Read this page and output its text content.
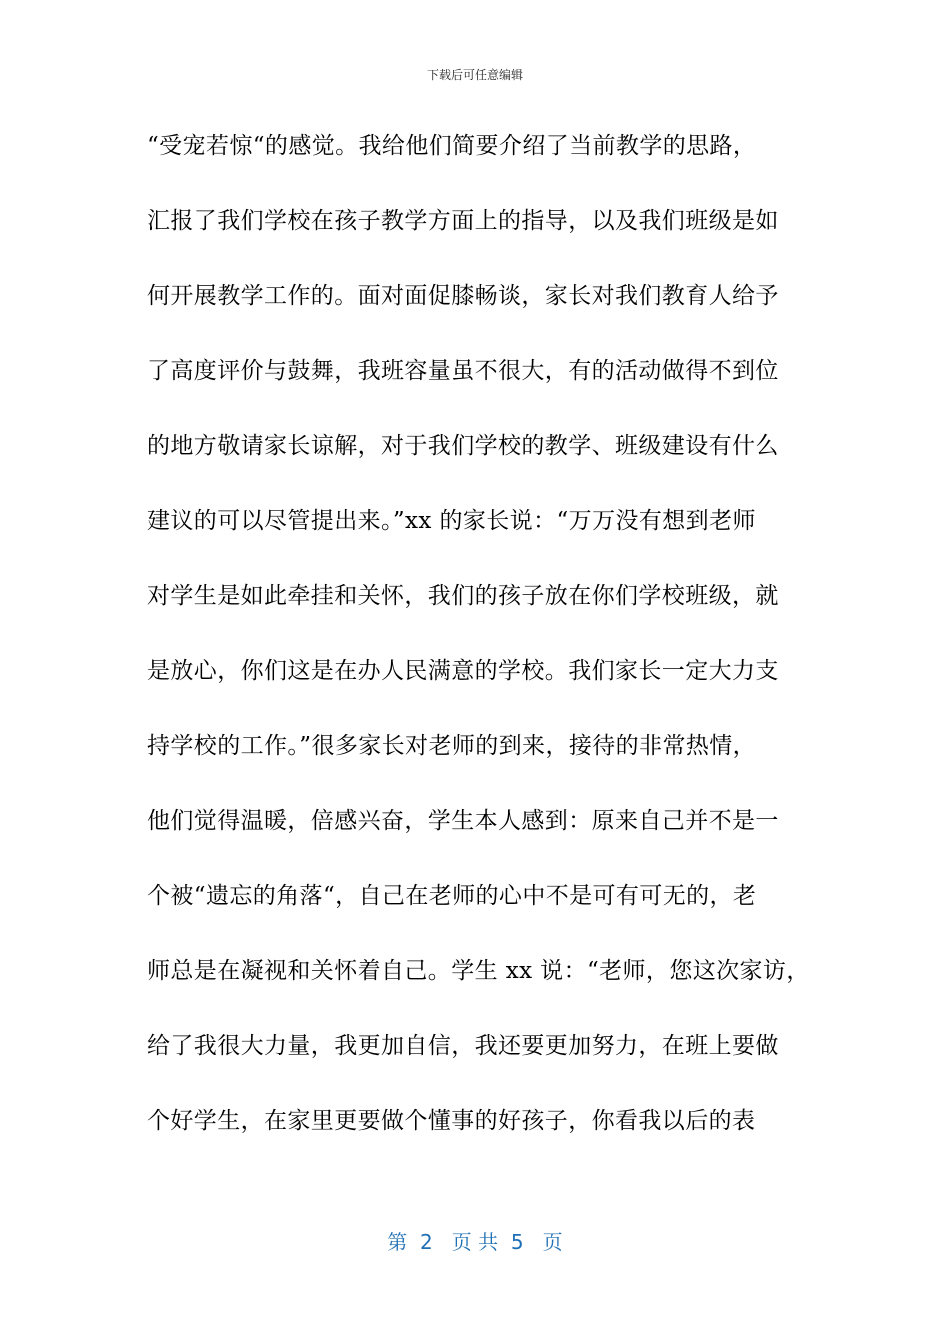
下载后可任意编辑
“受宠若惊“的感觉。我给他们简要介绍了当前教学的思路，
汇报了我们学校在孩子教学方面上的指导，以及我们班级是如
何开展教学工作的。面对面促膝畅谈，家长对我们教育人给予
了高度评价与鼓舞，我班容量虽不很大，有的活动做得不到位
的地方敬请家长谅解，对于我们学校的教学、班级建设有什么
建议的可以尽管提出来。”xx 的家长说：“万万没有想到老师
对学生是如此牵挂和关怀，我们的孩子放在你们学校班级，就
是放心，你们这是在办人民满意的学校。我们家长一定大力支
持学校的工作。”很多家长对老师的到来，接待的非常热情，
他们觉得温暖，倍感兴奋，学生本人感到：原来自己并不是一
个被“遗忘的角落“，自己在老师的心中不是可有可无的，老
师总是在凝视和关怀着自己。学生 xx 说：“老师，您这次家访，
给了我很大力量，我更加自信，我还要更加努力，在班上要做
个好学生，在家里更要做个懂事的好孩子，你看我以后的表
第  2   页 共  5   页
